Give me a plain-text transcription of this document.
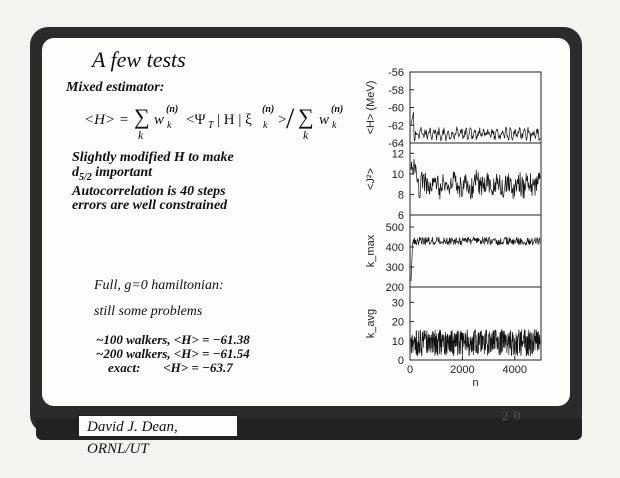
David J. Dean, ORNL/UT
2 0
A few tests
Mixed estimator:
<H> = ∑
k
w
(n)
k <Ψ T | H | ξ
(n)
k > / ∑
k
w
(n)
k
Slightly modified H to make
$d_{5/2}$ important
Autocorrelation is 40 steps
errors are well constrained
Full, g=0 hamiltonian:
still some problems
~100 walkers, <H> = −61.38
~200 walkers, <H> = −61.54
exact:       <H> = −63.7
-56
-58
-60
-62
-64
<H> (MeV)
12
10
8
6
<J²>
500
400
300
200
k_max
30
20
10
0
k_avg
0	2000	4000
n
